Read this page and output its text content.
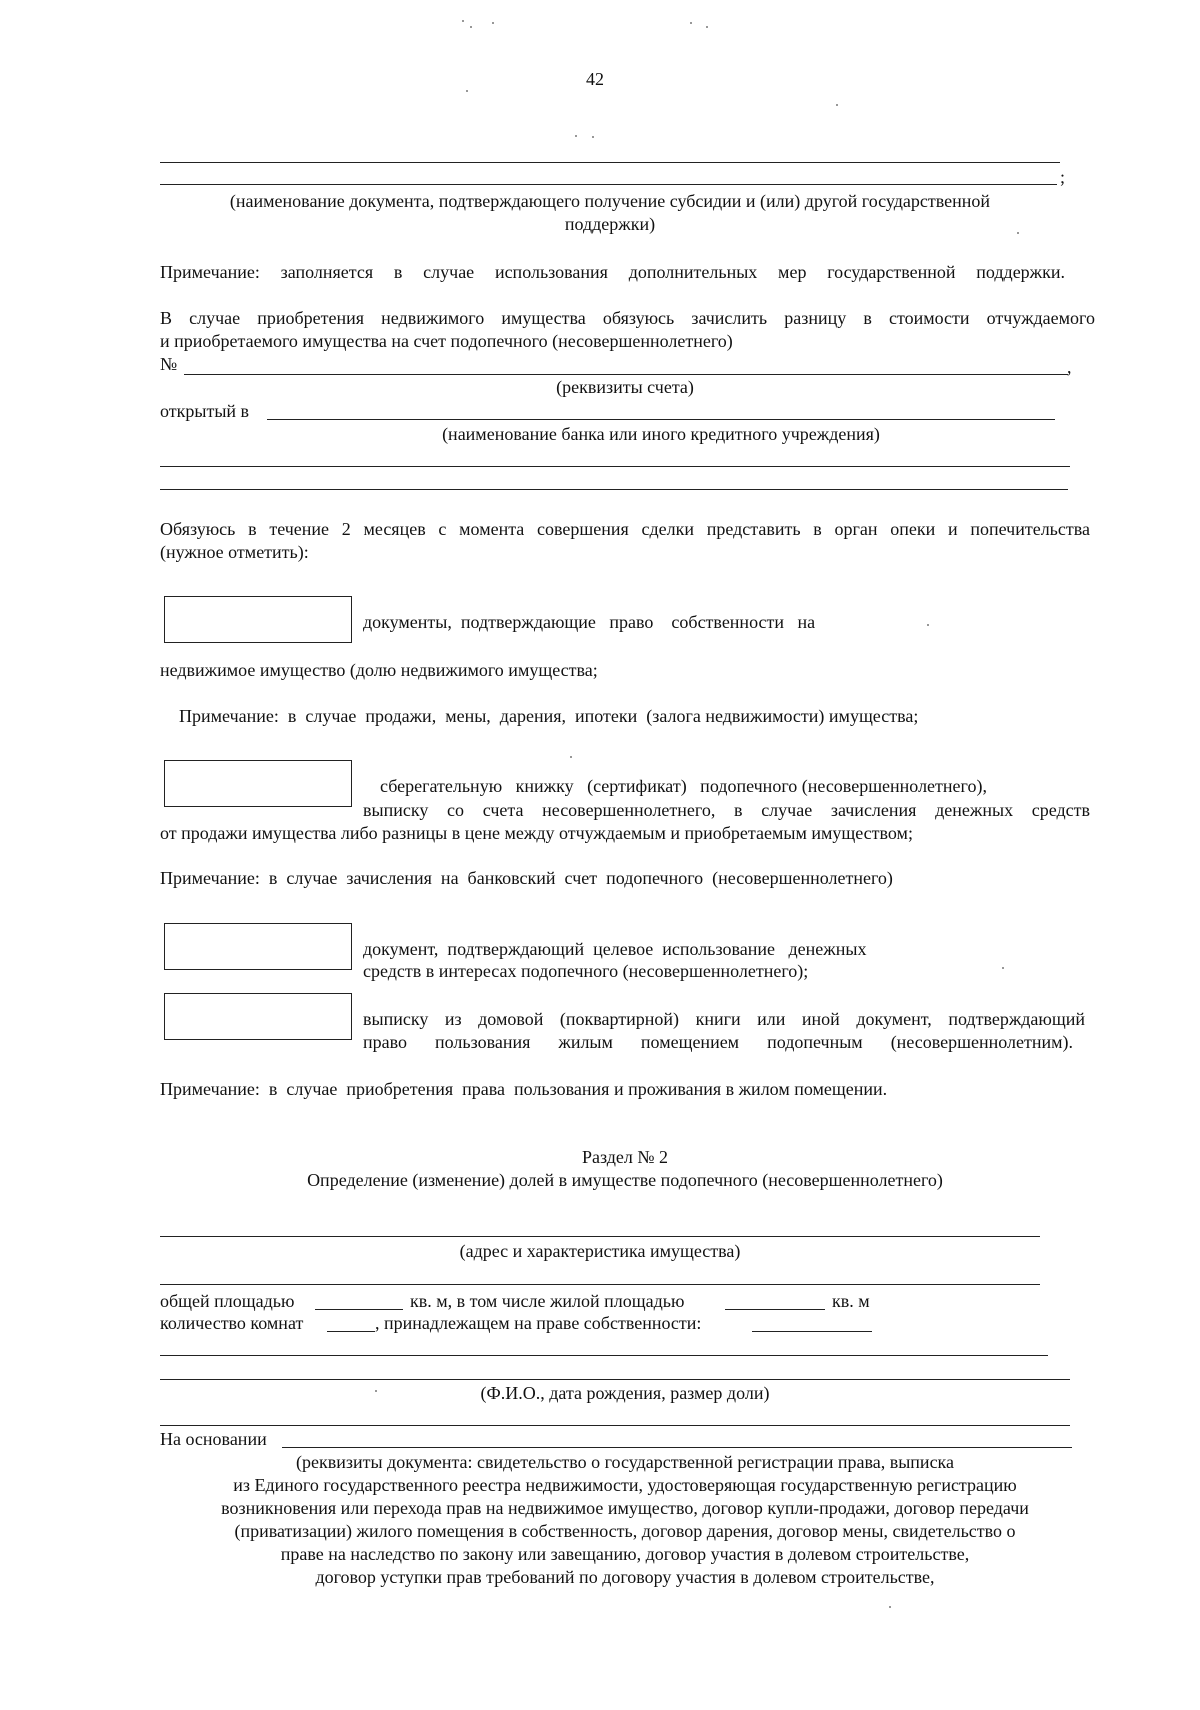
42
;
(наименование документа, подтверждающего получение субсидии и (или) другой государственной
поддержки)
Примечание: заполняется в случае использования дополнительных мер государственной поддержки.
В случае приобретения недвижимого имущества обязуюсь зачислить разницу в стоимости отчуждаемого
и приобретаемого имущества на счет подопечного (несовершеннолетнего)
№	,
(реквизиты счета)
открытый в
(наименование банка или иного кредитного учреждения)
Обязуюсь в течение 2 месяцев с момента совершения сделки представить в орган опеки и попечительства
(нужное отметить):
документы,  подтверждающие   право    собственности   на
недвижимое имущество (долю недвижимого имущества;
Примечание:  в  случае  продажи,  мены,  дарения,  ипотеки  (залога недвижимости) имущества;
сберегательную   книжку   (сертификат)   подопечного (несовершеннолетнего),
выписку со счета несовершеннолетнего, в случае зачисления денежных средств
от продажи имущества либо разницы в цене между отчуждаемым и приобретаемым имуществом;
Примечание:  в  случае  зачисления  на  банковский  счет  подопечного  (несовершеннолетнего)
документ,  подтверждающий  целевое  использование   денежных
средств в интересах подопечного (несовершеннолетнего);
выписку из домовой (поквартирной) книги или иной документ, подтверждающий
право пользования жилым помещением подопечным (несовершеннолетним).
Примечание:  в  случае  приобретения  права  пользования и проживания в жилом помещении.
Раздел № 2
Определение (изменение) долей в имуществе подопечного (несовершеннолетнего)
(адрес и характеристика имущества)
общей площадью	кв. м, в том числе жилой площадью	кв. м
количество комнат	, принадлежащем на праве собственности:
(Ф.И.О., дата рождения, размер доли)
На основании
(реквизиты документа: свидетельство о государственной регистрации права, выписка
из Единого государственного реестра недвижимости, удостоверяющая государственную регистрацию
возникновения или перехода прав на недвижимое имущество, договор купли-продажи, договор передачи
(приватизации) жилого помещения в собственность, договор дарения, договор мены, свидетельство о
праве на наследство по закону или завещанию, договор участия в долевом строительстве,
договор уступки прав требований по договору участия в долевом строительстве,
